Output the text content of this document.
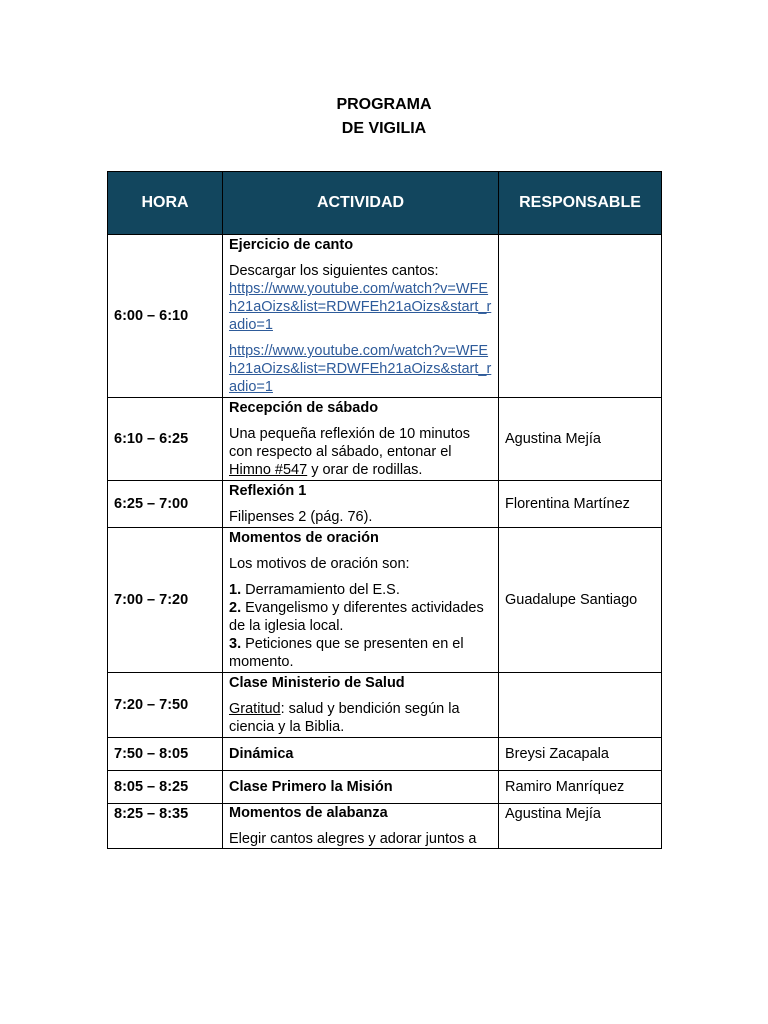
PROGRAMA
DE VIGILIA
HORA	ACTIVIDAD	RESPONSABLE
6:00 – 6:10	Ejercicio de canto
Descargar los siguientes cantos:
https://www.youtube.com/watch?v=WFEh21aOizs&list=RDWFEh21aOizs&start_radio=1
https://www.youtube.com/watch?v=WFEh21aOizs&list=RDWFEh21aOizs&start_radio=1	

6:10 – 6:25	Recepción de sábado
Una pequeña reflexión de 10 minutos con respecto al sábado, entonar el Himno #547 y orar de rodillas.	Agustina Mejía
6:25 – 7:00	Reflexión 1
Filipenses 2 (pág. 76).	Florentina Martínez
7:00 – 7:20	Momentos de oración
Los motivos de oración son:
1. Derramamiento del E.S.
2. Evangelismo y diferentes actividades de la iglesia local.
3. Peticiones que se presenten en el momento.	Guadalupe Santiago
7:20 – 7:50	Clase Ministerio de Salud
Gratitud: salud y bendición según la ciencia y la Biblia.	

7:50 – 8:05	Dinámica	Breysi Zacapala
8:05 – 8:25	Clase Primero la Misión	Ramiro Manríquez
8:25 – 8:35	Momentos de alabanza
Elegir cantos alegres y adorar juntos a	Agustina Mejía
